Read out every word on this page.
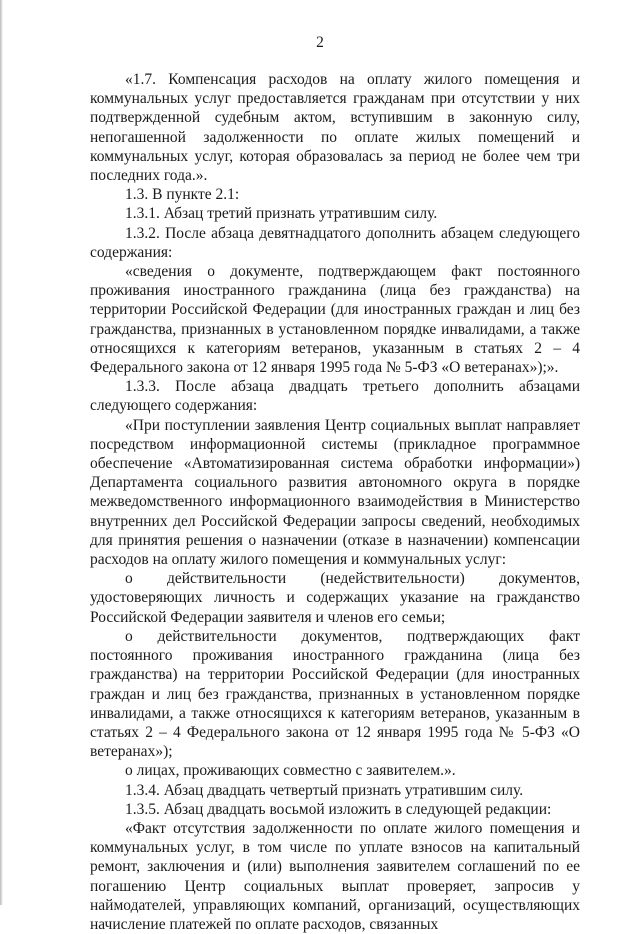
2

«1.7. Компенсация расходов на оплату жилого помещения и коммунальных услуг предоставляется гражданам при отсутствии у них подтвержденной судебным актом, вступившим в законную силу, непогашенной задолженности по оплате жилых помещений и коммунальных услуг, которая образовалась за период не более чем три последних года.».

1.3. В пункте 2.1:

1.3.1. Абзац третий признать утратившим силу.

1.3.2. После абзаца девятнадцатого дополнить абзацем следующего содержания:

«сведения о документе, подтверждающем факт постоянного проживания иностранного гражданина (лица без гражданства) на территории Российской Федерации (для иностранных граждан и лиц без гражданства, признанных в установленном порядке инвалидами, а также относящихся к категориям ветеранов, указанным в статьях 2 – 4 Федерального закона от 12 января 1995 года № 5-ФЗ «О ветеранах»);».

1.3.3. После абзаца двадцать третьего дополнить абзацами следующего содержания:

«При поступлении заявления Центр социальных выплат направляет посредством информационной системы (прикладное программное обеспечение «Автоматизированная система обработки информации») Департамента социального развития автономного округа в порядке межведомственного информационного взаимодействия в Министерство внутренних дел Российской Федерации запросы сведений, необходимых для принятия решения о назначении (отказе в назначении) компенсации расходов на оплату жилого помещения и коммунальных услуг:

о действительности (недействительности) документов, удостоверяющих личность и содержащих указание на гражданство Российской Федерации заявителя и членов его семьи;

о действительности документов, подтверждающих факт постоянного проживания иностранного гражданина (лица без гражданства) на территории Российской Федерации (для иностранных граждан и лиц без гражданства, признанных в установленном порядке инвалидами, а также относящихся к категориям ветеранов, указанным в статьях 2 – 4 Федерального закона от 12 января 1995 года № 5-ФЗ «О ветеранах»);

о лицах, проживающих совместно с заявителем.».

1.3.4. Абзац двадцать четвертый признать утратившим силу.

1.3.5. Абзац двадцать восьмой изложить в следующей редакции:

«Факт отсутствия задолженности по оплате жилого помещения и коммунальных услуг, в том числе по уплате взносов на капитальный ремонт, заключения и (или) выполнения заявителем соглашений по ее погашению Центр социальных выплат проверяет, запросив у наймодателей, управляющих компаний, организаций, осуществляющих начисление платежей по оплате расходов, связанных
